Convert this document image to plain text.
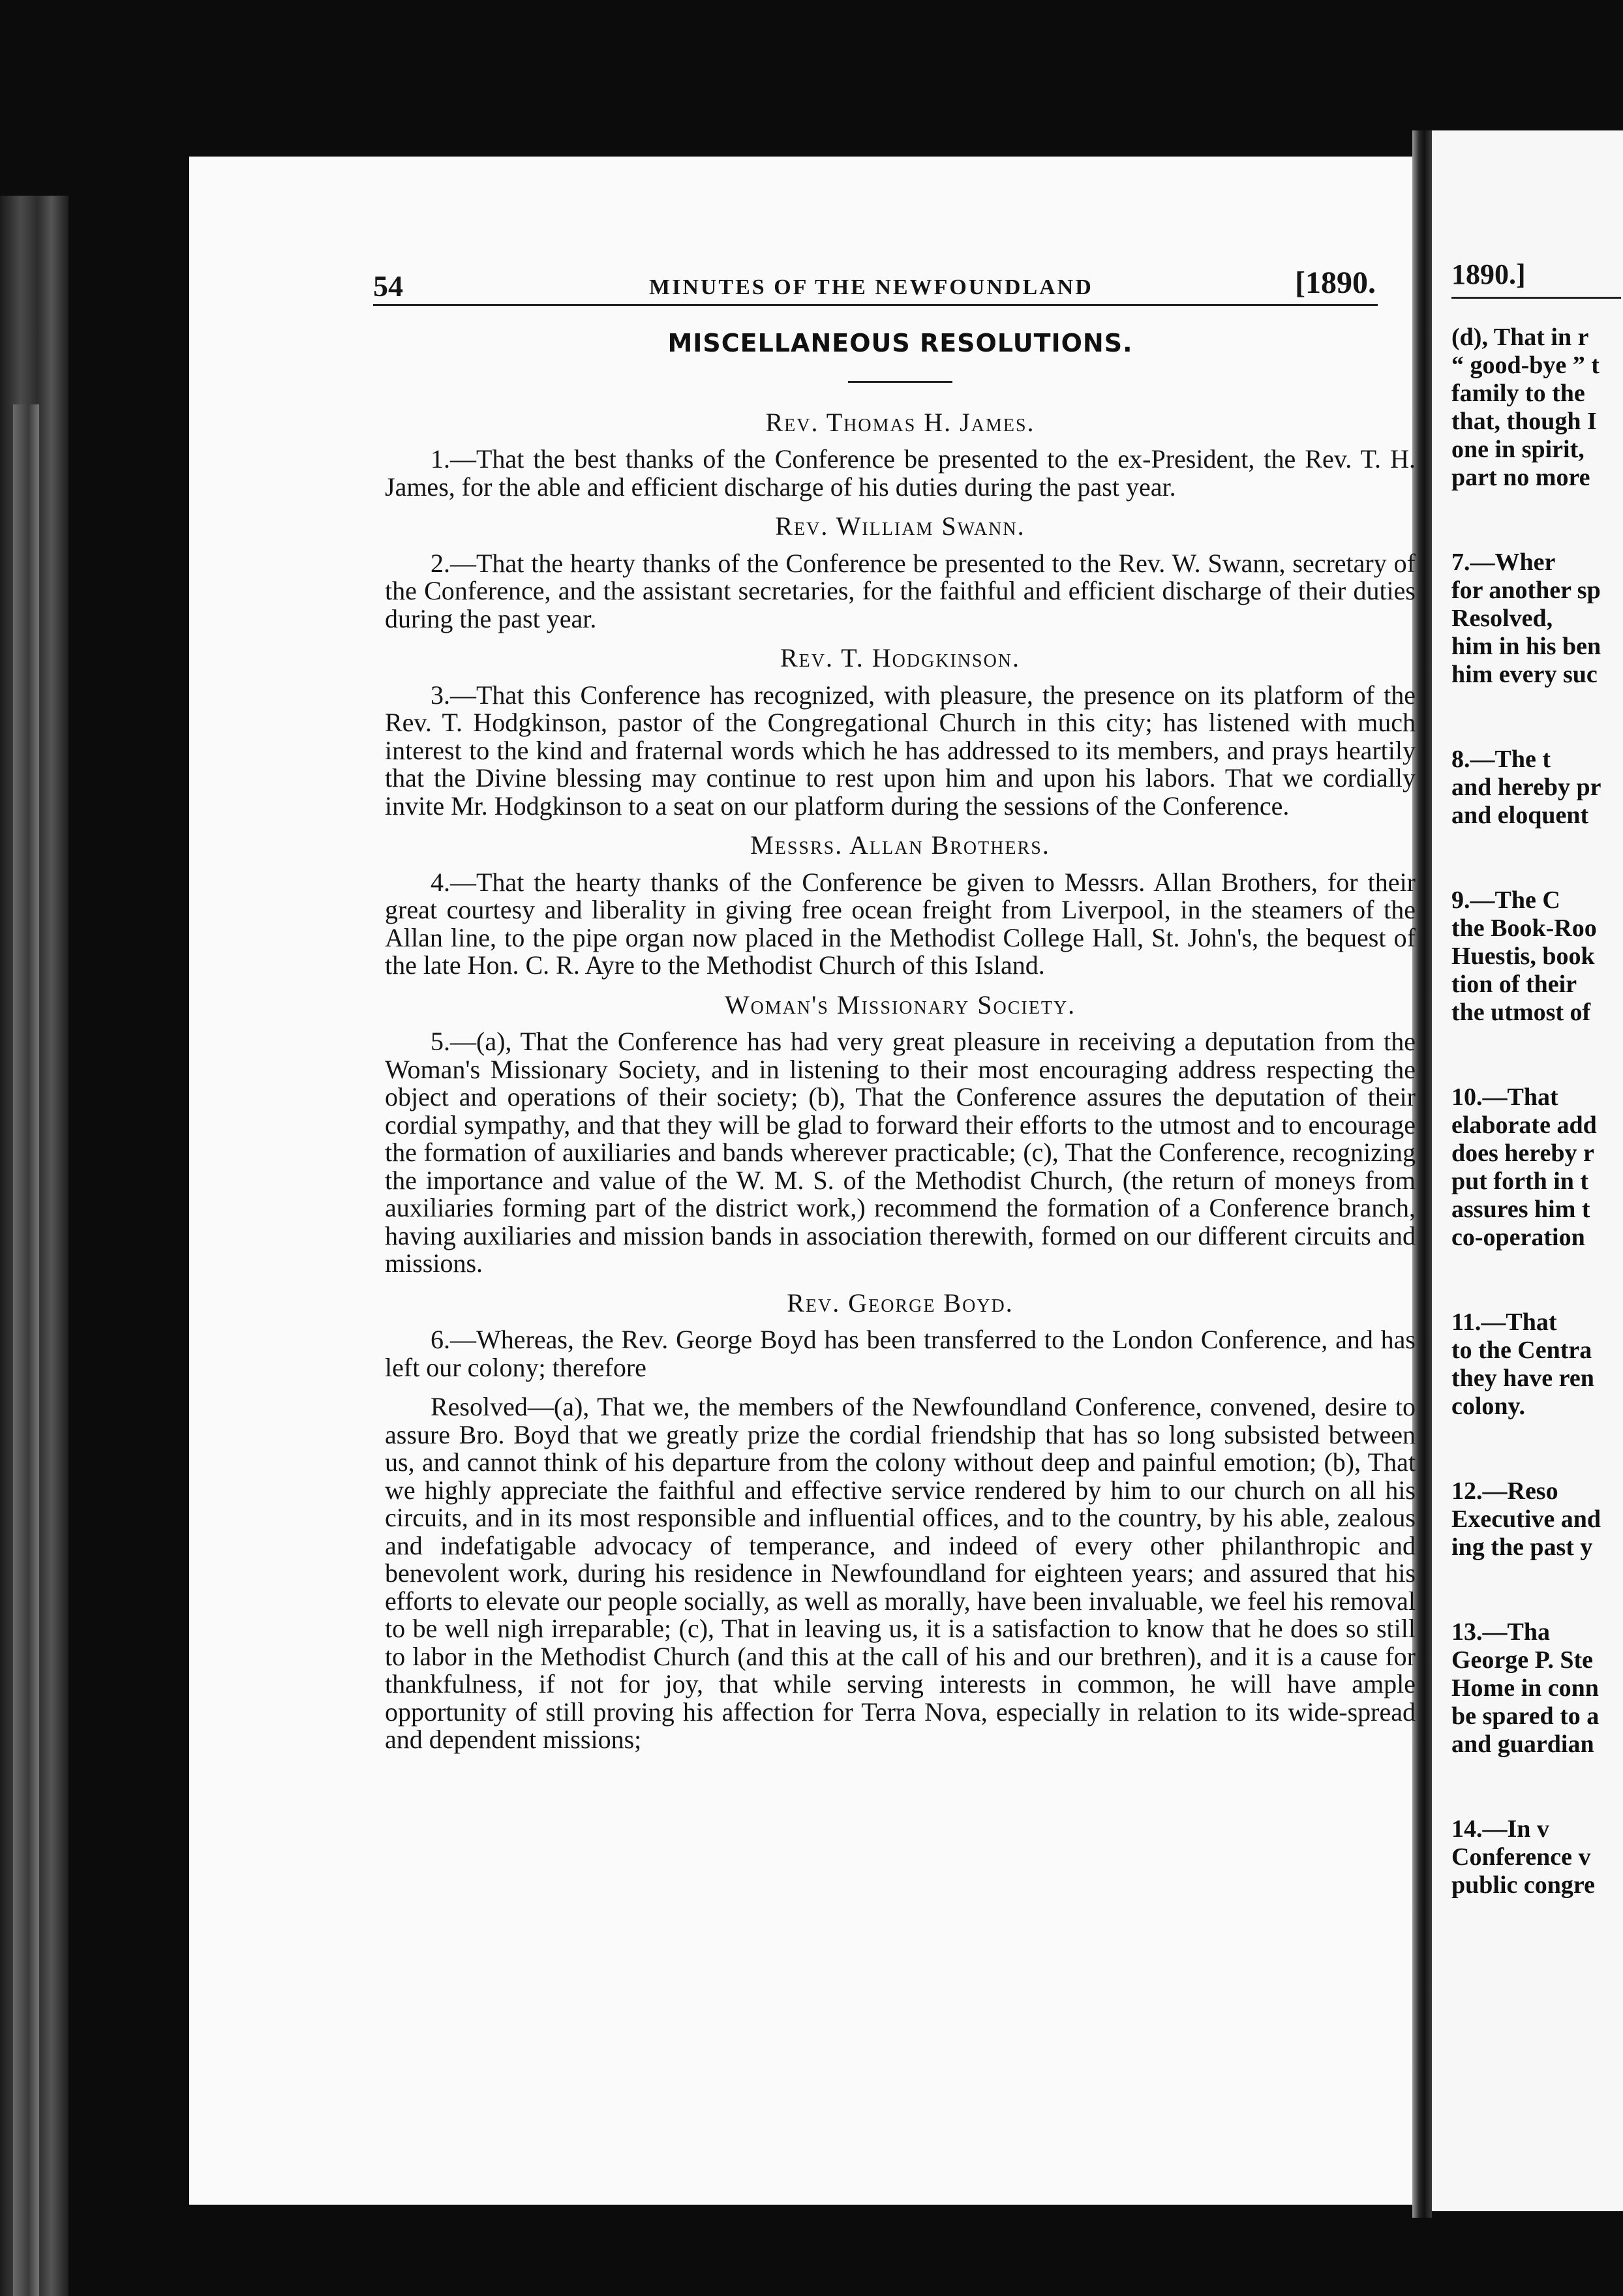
1890.]
(d), That in r
“ good-bye ” t
family to the
that, though I
one in spirit,
part no more
7.—Wher
for another sp
Resolved,
him in his ben
him every suc
8.—The t
and hereby pr
and eloquent
9.—The C
the Book-Roo
Huestis, book
tion of their
the utmost of
10.—That
elaborate add
does hereby r
put forth in t
assures him t
co-operation
11.—That
to the Centra
they have ren
colony.
12.—Reso
Executive and
ing the past y
13.—Tha
George P. Ste
Home in conn
be spared to a
and guardian
14.—In v
Conference v
public congre
54	MINUTES OF THE NEWFOUNDLAND	[1890.
MISCELLANEOUS RESOLUTIONS.
Rev. Thomas H. James.

1.—That the best thanks of the Conference be presented to the ex-President, the Rev. T. H. James, for the able and efficient discharge of his duties during the past year.

Rev. William Swann.

2.—That the hearty thanks of the Conference be presented to the Rev. W. Swann, secretary of the Conference, and the assistant secretaries, for the faithful and efficient discharge of their duties during the past year.

Rev. T. Hodgkinson.

3.—That this Conference has recognized, with pleasure, the presence on its platform of the Rev. T. Hodgkinson, pastor of the Congregational Church in this city; has listened with much interest to the kind and fraternal words which he has addressed to its members, and prays heartily that the Divine blessing may continue to rest upon him and upon his labors. That we cordially invite Mr. Hodgkinson to a seat on our platform during the sessions of the Conference.

Messrs. Allan Brothers.

4.—That the hearty thanks of the Conference be given to Messrs. Allan Brothers, for their great courtesy and liberality in giving free ocean freight from Liverpool, in the steamers of the Allan line, to the pipe organ now placed in the Methodist College Hall, St. John's, the bequest of the late Hon. C. R. Ayre to the Methodist Church of this Island.

Woman's Missionary Society.

5.—(a), That the Conference has had very great pleasure in receiving a deputation from the Woman's Missionary Society, and in listening to their most encouraging address respecting the object and operations of their society; (b), That the Conference assures the deputation of their cordial sympathy, and that they will be glad to forward their efforts to the utmost and to encourage the formation of auxiliaries and bands wherever practicable; (c), That the Conference, recognizing the importance and value of the W. M. S. of the Methodist Church, (the return of moneys from auxiliaries forming part of the district work,) recommend the formation of a Conference branch, having auxiliaries and mission bands in association therewith, formed on our different circuits and missions.

Rev. George Boyd.

6.—Whereas, the Rev. George Boyd has been transferred to the London Conference, and has left our colony; therefore

Resolved—(a), That we, the members of the Newfoundland Conference, convened, desire to assure Bro. Boyd that we greatly prize the cordial friendship that has so long subsisted between us, and cannot think of his departure from the colony without deep and painful emotion; (b), That we highly appreciate the faithful and effective service rendered by him to our church on all his circuits, and in its most responsible and influential offices, and to the country, by his able, zealous and indefatigable advocacy of temperance, and indeed of every other philanthropic and benevolent work, during his residence in Newfoundland for eighteen years; and assured that his efforts to elevate our people socially, as well as morally, have been invaluable, we feel his removal to be well nigh irreparable; (c), That in leaving us, it is a satisfaction to know that he does so still to labor in the Methodist Church (and this at the call of his and our brethren), and it is a cause for thankfulness, if not for joy, that while serving interests in common, he will have ample opportunity of still proving his affection for Terra Nova, especially in relation to its wide-spread and dependent missions;
